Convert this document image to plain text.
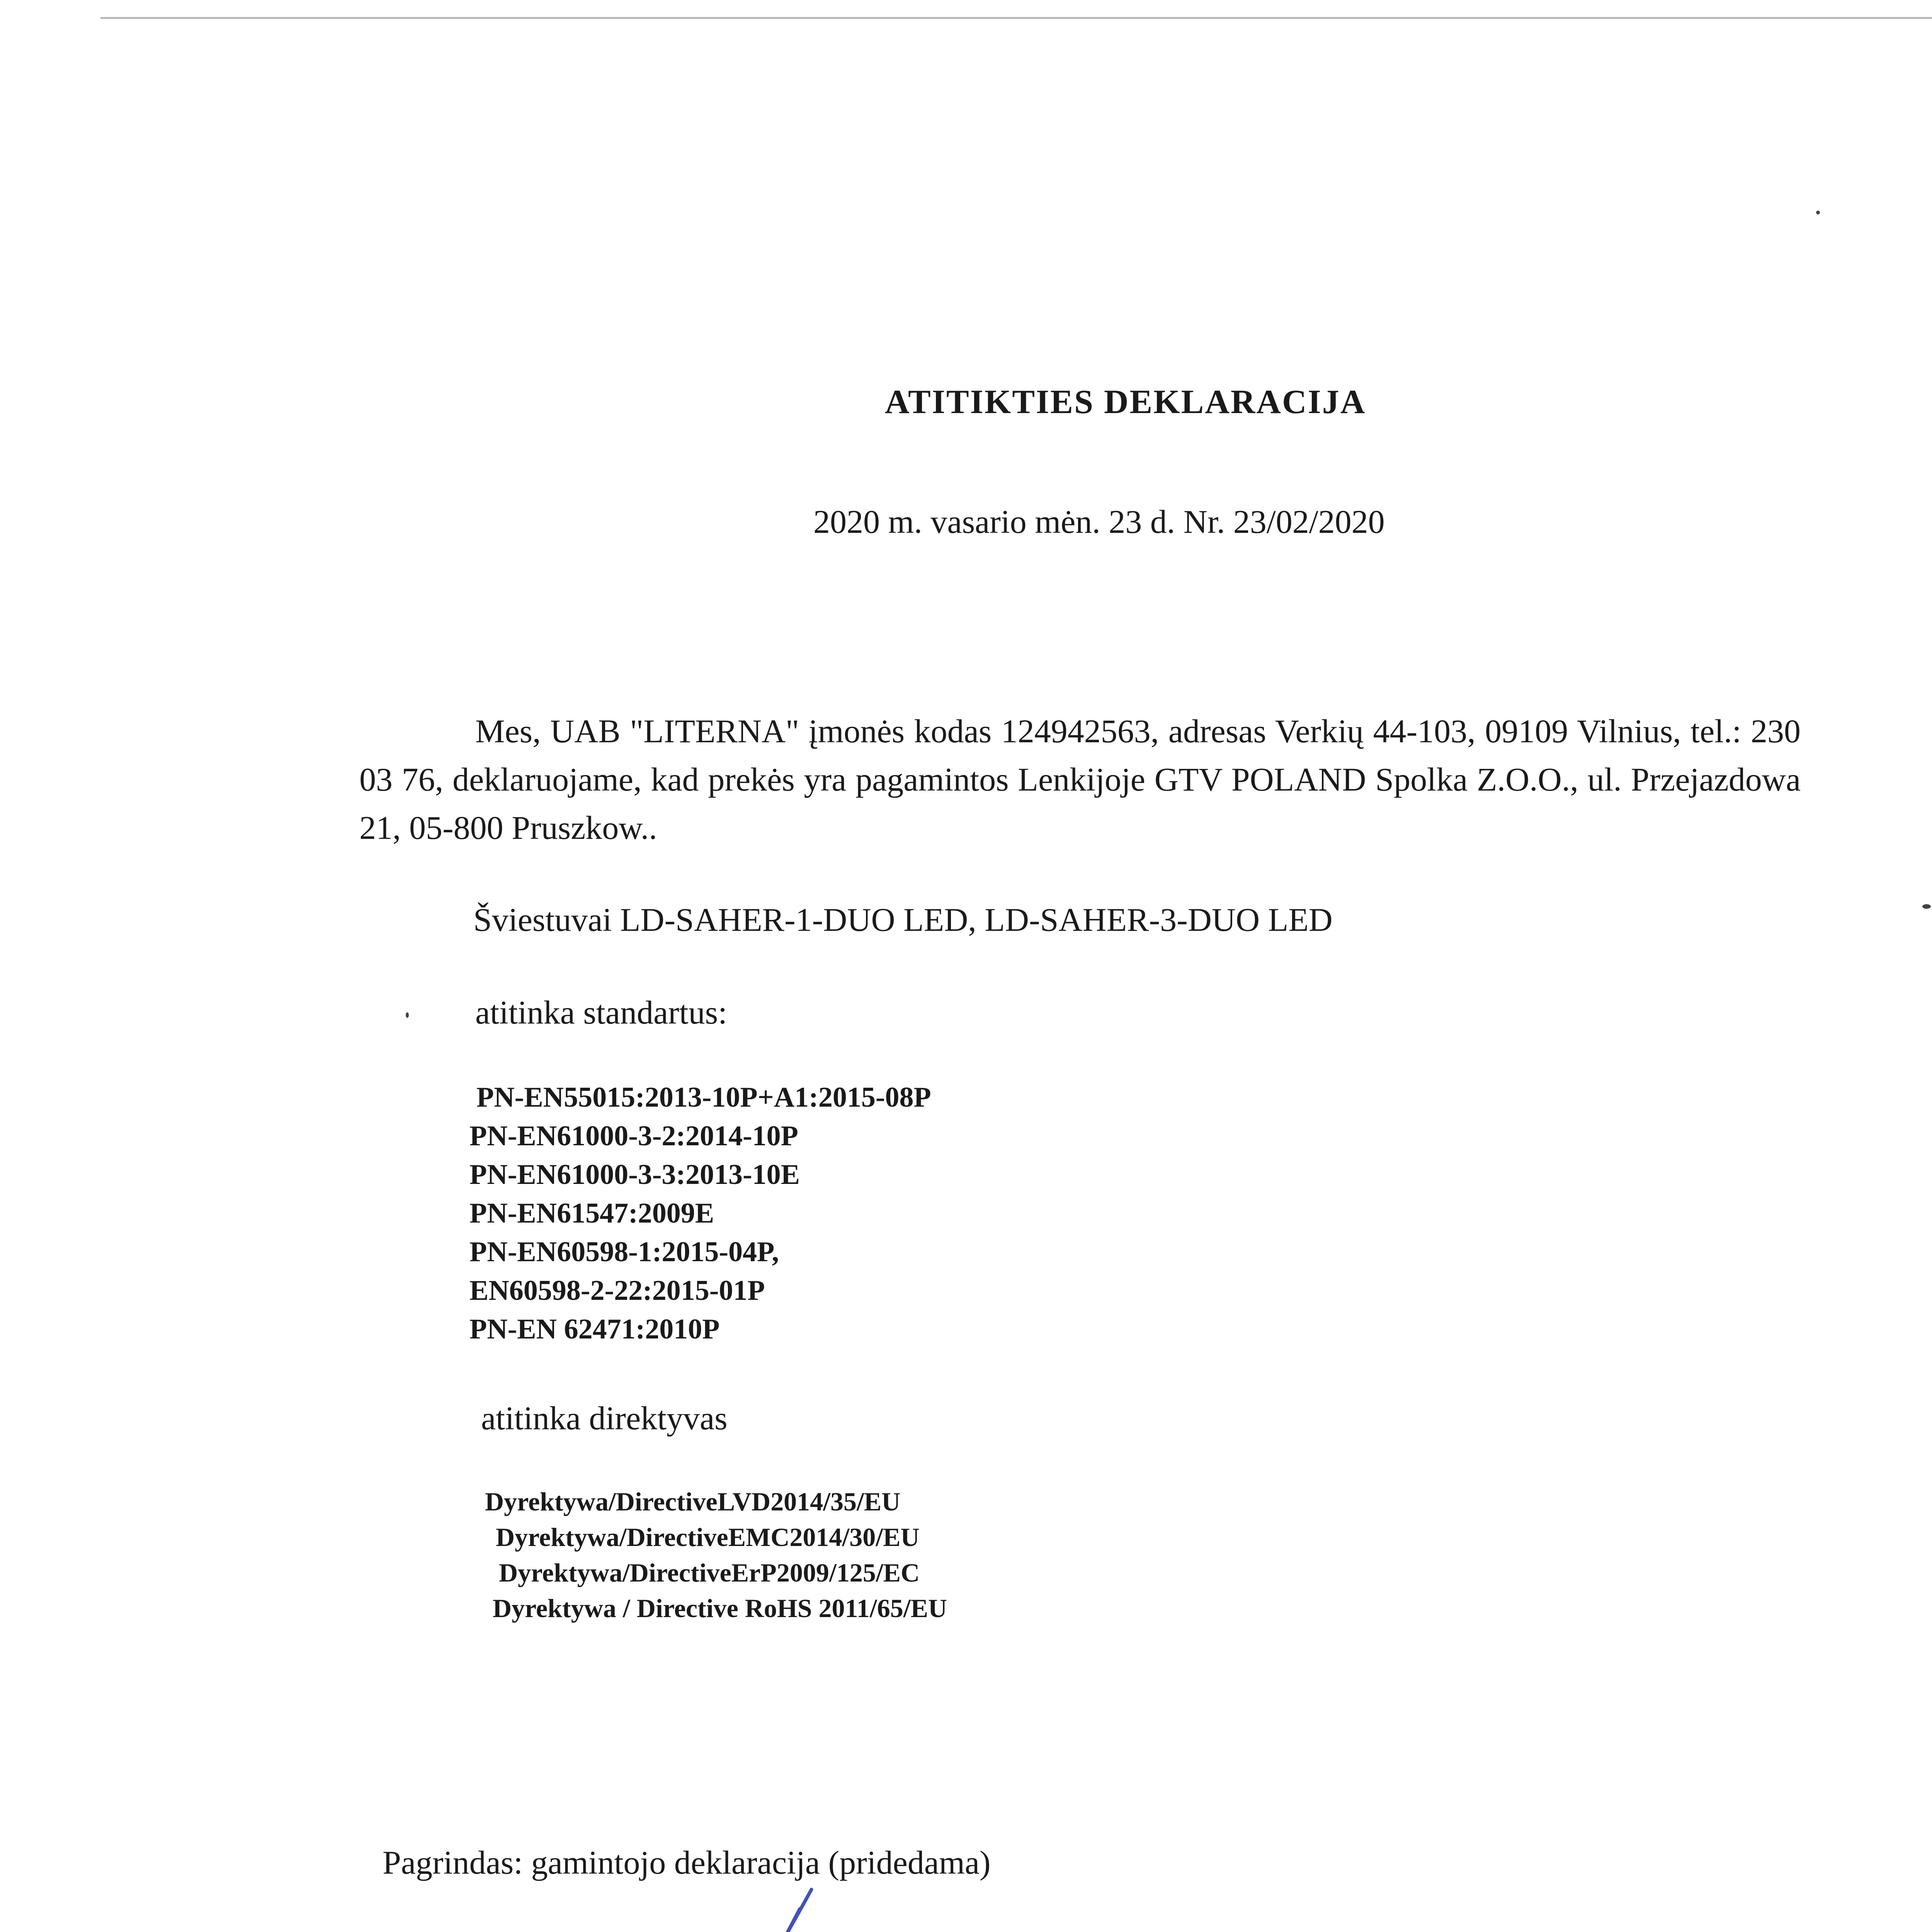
ATITIKTIES DEKLARACIJA
2020 m. vasario mėn. 23 d. Nr. 23/02/2020
Mes, UAB "LITERNA" įmonės kodas 124942563, adresas Verkių 44-103, 09109 Vilnius, tel.: 230 03 76, deklaruojame, kad prekės yra pagamintos Lenkijoje GTV POLAND Spolka Z.O.O., ul. Przejazdowa 21, 05-800 Pruszkow..
Šviestuvai LD-SAHER-1-DUO LED, LD-SAHER-3-DUO LED
atitinka standartus:
PN-EN55015:2013-10P+A1:2015-08P
PN-EN61000-3-2:2014-10P
PN-EN61000-3-3:2013-10E
PN-EN61547:2009E
PN-EN60598-1:2015-04P,
EN60598-2-22:2015-01P
PN-EN 62471:2010P
atitinka direktyvas
Dyrektywa/DirectiveLVD2014/35/EU
Dyrektywa/DirectiveEMC2014/30/EU
Dyrektywa/DirectiveErP2009/125/EC
Dyrektywa / Directive RoHS 2011/65/EU
Pagrindas: gamintojo deklaracija (pridedama)
